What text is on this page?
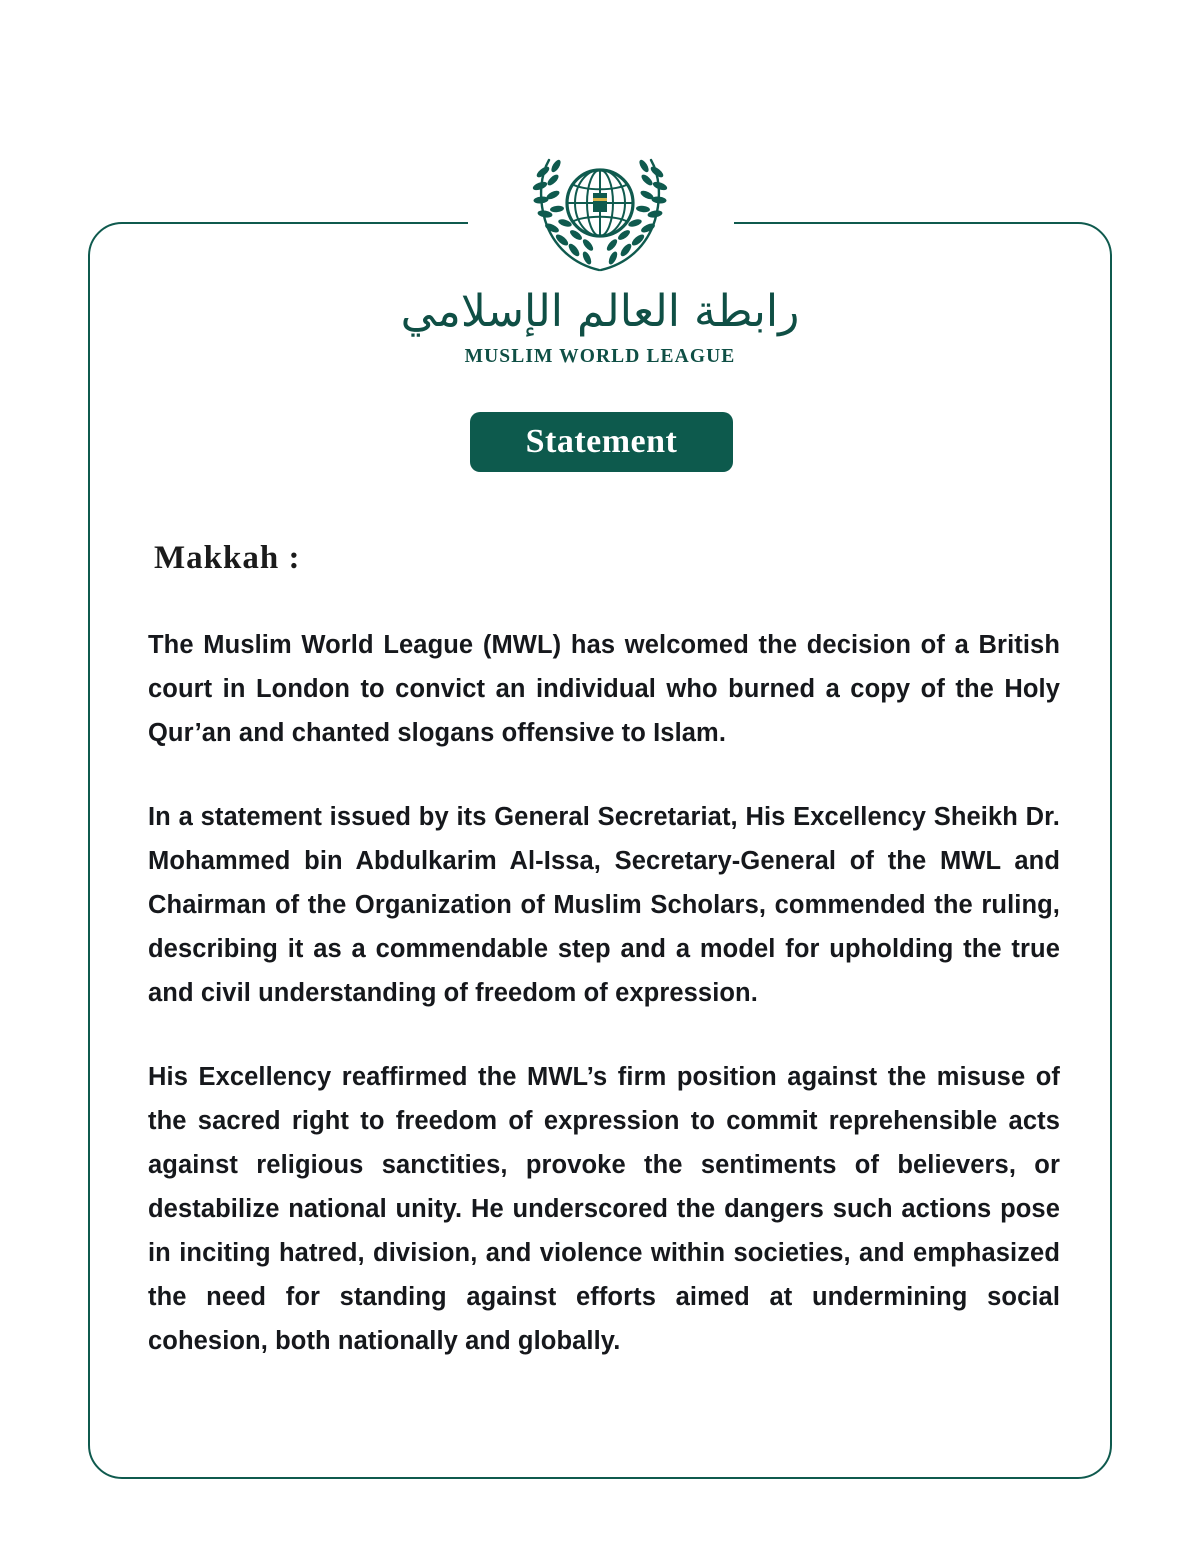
رابطة العالم الإسلامي
MUSLIM WORLD LEAGUE
Statement
Makkah :

The Muslim World League (MWL) has welcomed the decision of a British court in London to convict an individual who burned a copy of the Holy Qur’an and chanted slogans offensive to Islam.

In a statement issued by its General Secretariat, His Excellency Sheikh Dr. Mohammed bin Abdulkarim Al-Issa, Secretary-General of the MWL and Chairman of the Organization of Muslim Scholars, commended the ruling, describing it as a commendable step and a model for upholding the true and civil understanding of freedom of expression.

His Excellency reaffirmed the MWL’s firm position against the misuse of the sacred right to freedom of expression to commit reprehensible acts against religious sanctities, provoke the sentiments of believers, or destabilize national unity. He underscored the dangers such actions pose in inciting hatred, division, and violence within societies, and emphasized the need for standing against efforts aimed at undermining social cohesion, both nationally and globally.
